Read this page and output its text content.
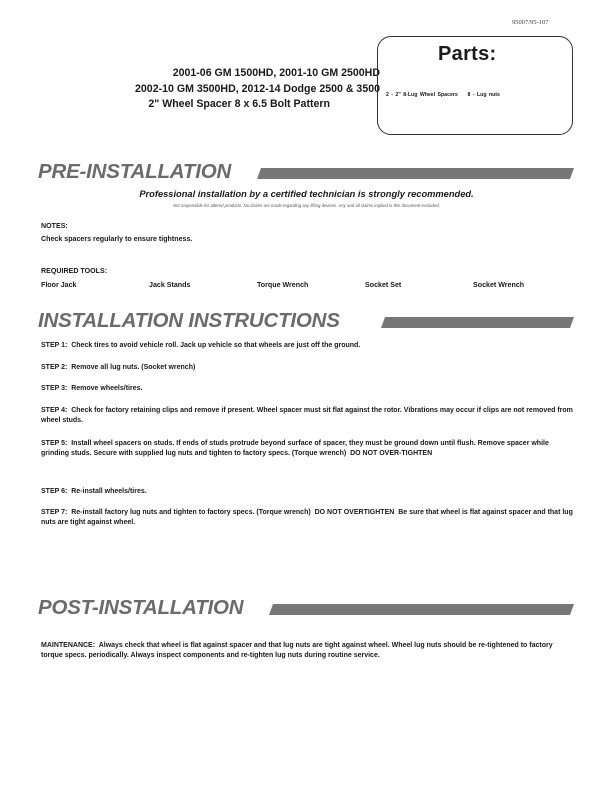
95007/95-107
2001-06 GM 1500HD, 2001-10 GM 2500HD
2002-10 GM 3500HD, 2012-14 Dodge 2500 & 3500
2" Wheel Spacer 8 x 6.5 Bolt Pattern
Parts:
2 - 2" 8-Lug Wheel Spacers    8 - Lug nuts
PRE-INSTALLATION
Professional installation by a certified technician is strongly recommended.
Not responsible for altered products. No claims are made regarding any lifting devices. Any and all claims implied in this document excluded.
NOTES:
Check spacers regularly to ensure tightness.
REQUIRED TOOLS:
Floor Jack	Jack Stands	Torque Wrench	Socket Set	Socket Wrench
INSTALLATION INSTRUCTIONS
STEP 1: Check tires to avoid vehicle roll. Jack up vehicle so that wheels are just off the ground.
STEP 2: Remove all lug nuts. (Socket wrench)
STEP 3: Remove wheels/tires.
STEP 4: Check for factory retaining clips and remove if present. Wheel spacer must sit flat against the rotor. Vibrations may occur if clips are not removed from wheel studs.
STEP 5: Install wheel spacers on studs. If ends of studs protrude beyond surface of spacer, they must be ground down until flush. Remove spacer while grinding studs. Secure with supplied lug nuts and tighten to factory specs. (Torque wrench) DO NOT OVER-TIGHTEN
STEP 6: Re-install wheels/tires.
STEP 7: Re-install factory lug nuts and tighten to factory specs. (Torque wrench) DO NOT OVERTIGHTEN Be sure that wheel is flat against spacer and that lug nuts are tight against wheel.
POST-INSTALLATION
MAINTENANCE: Always check that wheel is flat against spacer and that lug nuts are tight against wheel. Wheel lug nuts should be re-tightened to factory torque specs. periodically. Always inspect components and re-tighten lug nuts during routine service.
